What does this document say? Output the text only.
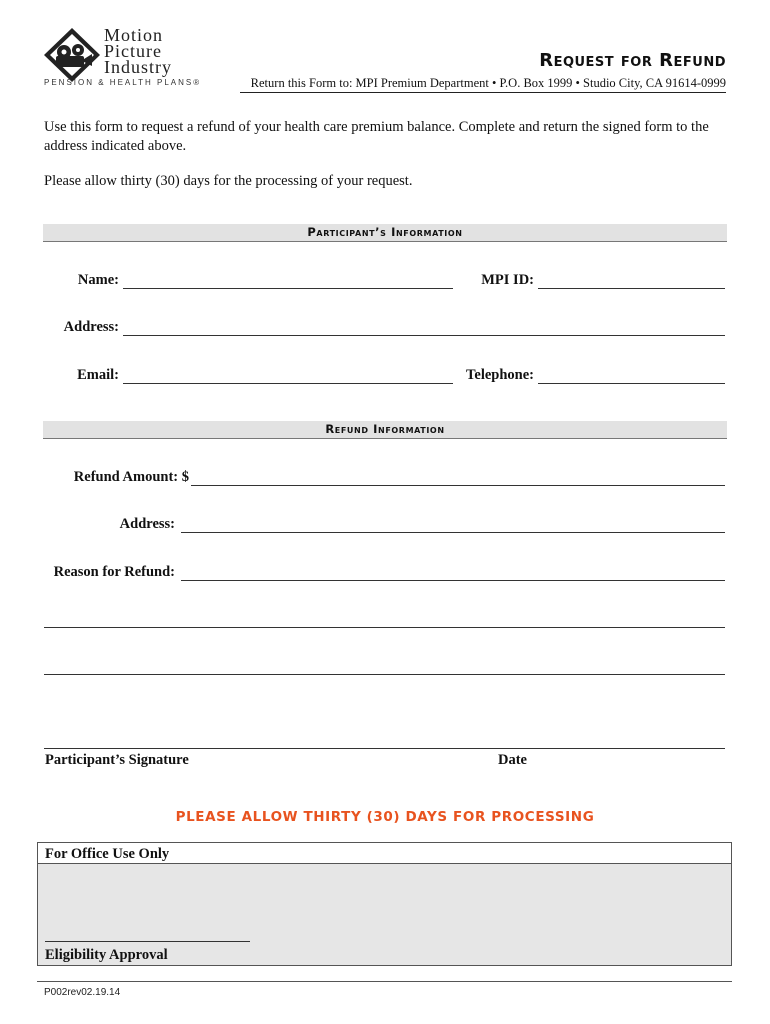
Motion
Picture
Industry
PENSION & HEALTH PLANS®
Request for Refund
Return this Form to: MPI Premium Department • P.O. Box 1999 • Studio City, CA 91614-0999
Use this form to request a refund of your health care premium balance. Complete and return the signed form to the address indicated above.
Please allow thirty (30) days for the processing of your request.
Participant’s Information
Name:	MPI ID:
Address:
Email:	Telephone:
Refund Information
Refund Amount: $
Address:
Reason for Refund:
Participant’s Signature	Date
PLEASE ALLOW THIRTY (30) DAYS FOR PROCESSING
For Office Use Only
Eligibility Approval
P002rev02.19.14
